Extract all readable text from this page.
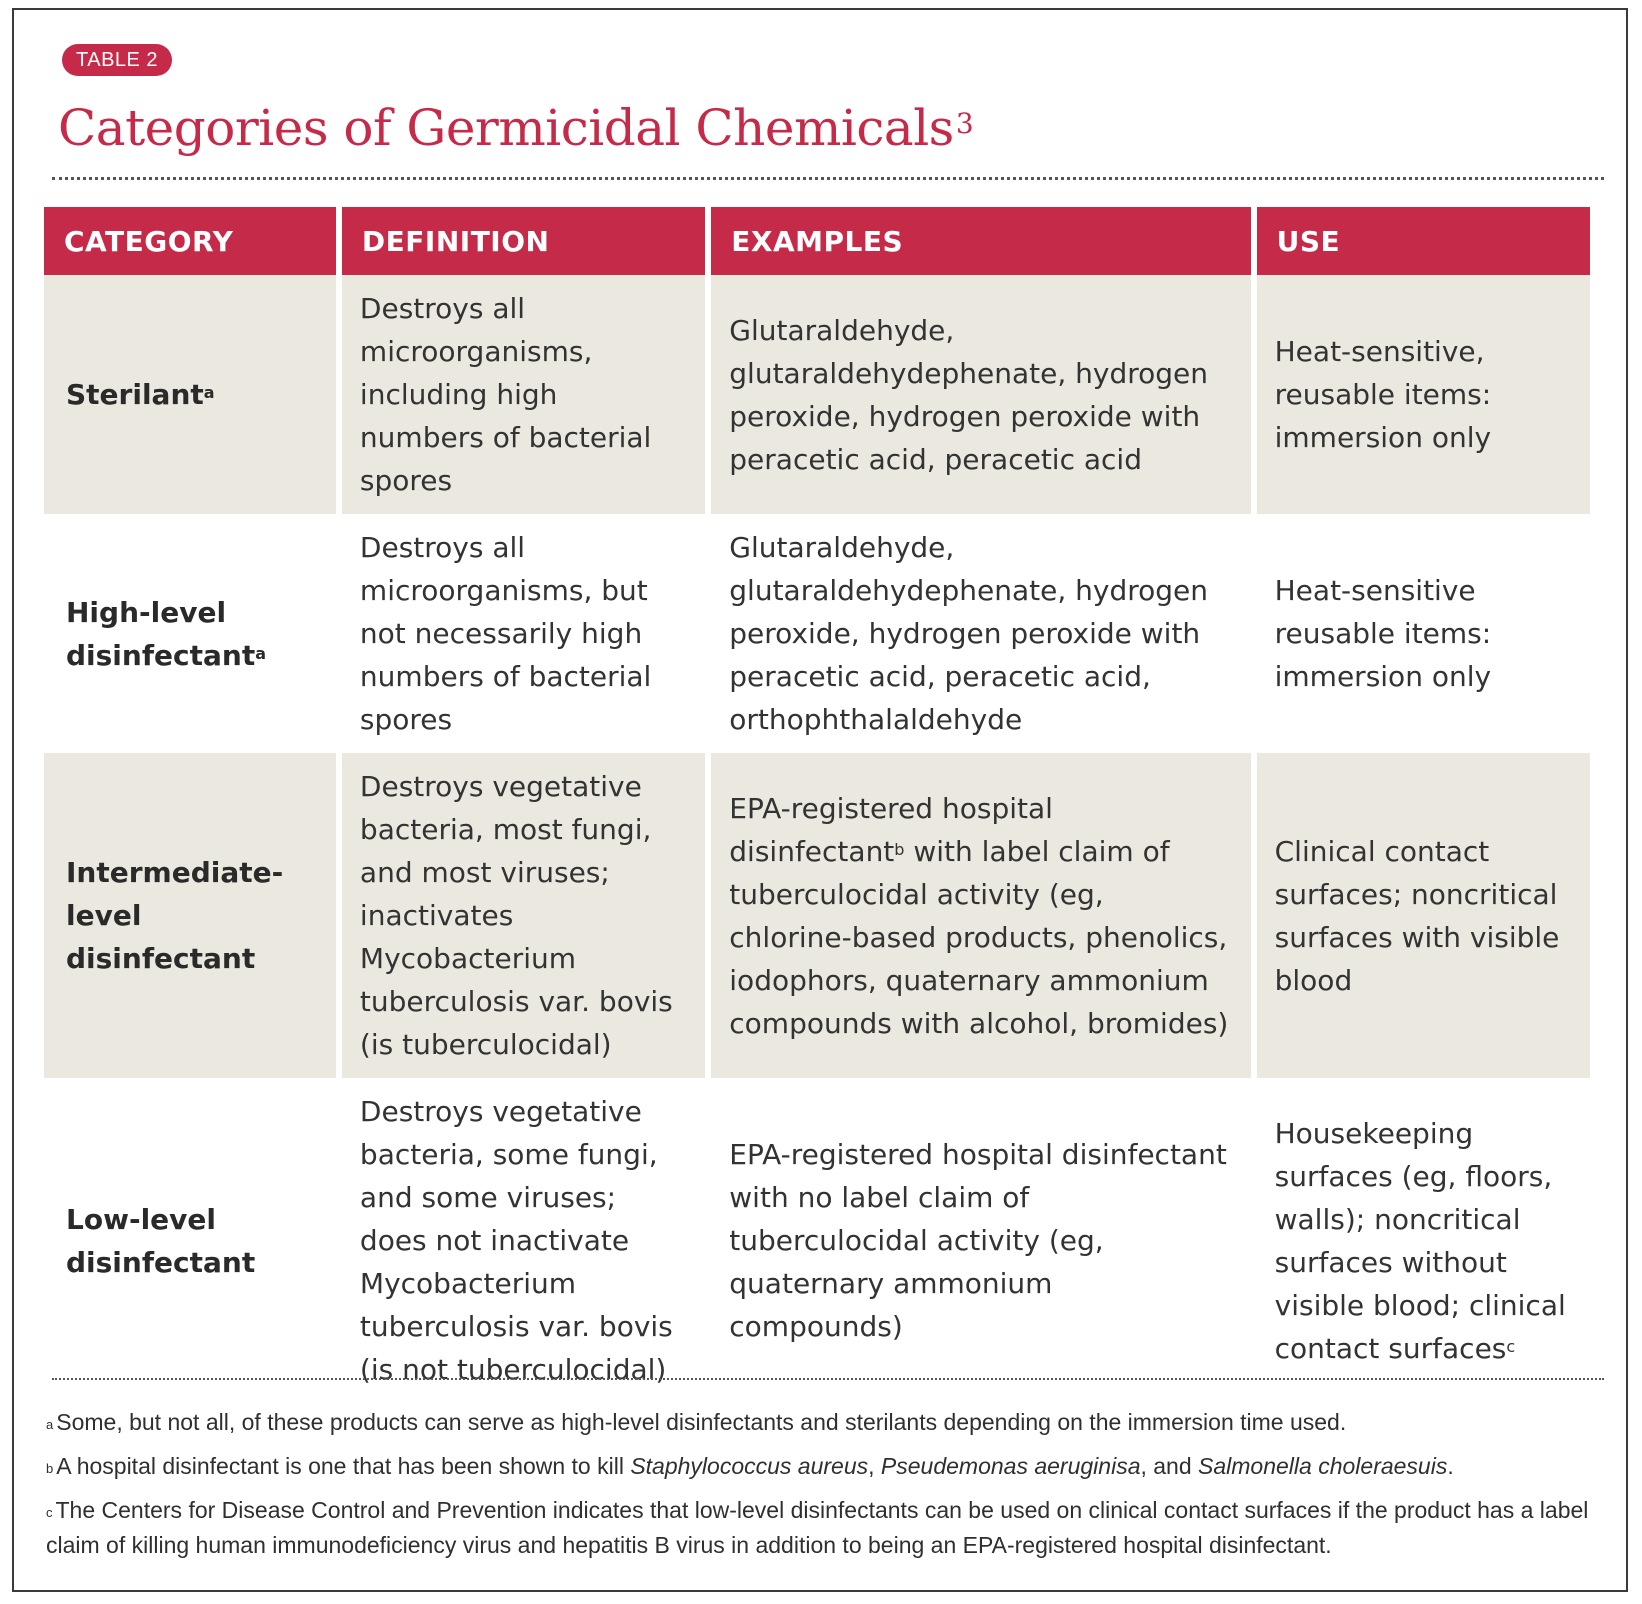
TABLE 2
Categories of Germicidal Chemicals$^3$
CATEGORY	DEFINITION	EXAMPLES	USE
Sterilant$^a$	Destroys all microorganisms, including high numbers of bacterial spores	Glutaraldehyde, glutaraldehydephenate, hydrogen peroxide, hydrogen peroxide with peracetic acid, peracetic acid	Heat-sensitive, reusable items: immersion only
High-level disinfectant$^a$	Destroys all microorganisms, but not necessarily high numbers of bacterial spores	Glutaraldehyde, glutaraldehydephenate, hydrogen peroxide, hydrogen peroxide with peracetic acid, peracetic acid, orthophthalaldehyde	Heat-sensitive reusable items: immersion only
Intermediate-level disinfectant	Destroys vegetative bacteria, most fungi, and most viruses; inactivates Mycobacterium tuberculosis var. bovis (is tuberculocidal)	EPA-registered hospital disinfectant$^b$ with label claim of tuberculocidal activity (eg, chlorine-based products, phenolics, iodophors, quaternary ammonium compounds with alcohol, bromides)	Clinical contact surfaces; noncritical surfaces with visible blood
Low-level disinfectant	Destroys vegetative bacteria, some fungi, and some viruses; does not inactivate Mycobacterium tuberculosis var. bovis (is not tuberculocidal)	EPA-registered hospital disinfectant with no label claim of tuberculocidal activity (eg, quaternary ammonium compounds)	Housekeeping surfaces (eg, floors, walls); noncritical surfaces without visible blood; clinical contact surfaces$^c$

$^a$ Some, but not all, of these products can serve as high-level disinfectants and sterilants depending on the immersion time used.

$^b$ A hospital disinfectant is one that has been shown to kill Staphylococcus aureus, Pseudemonas aeruginisa, and Salmonella choleraesuis.

$^c$ The Centers for Disease Control and Prevention indicates that low-level disinfectants can be used on clinical contact surfaces if the product has a label claim of killing human immunodeficiency virus and hepatitis B virus in addition to being an EPA-registered hospital disinfectant.
